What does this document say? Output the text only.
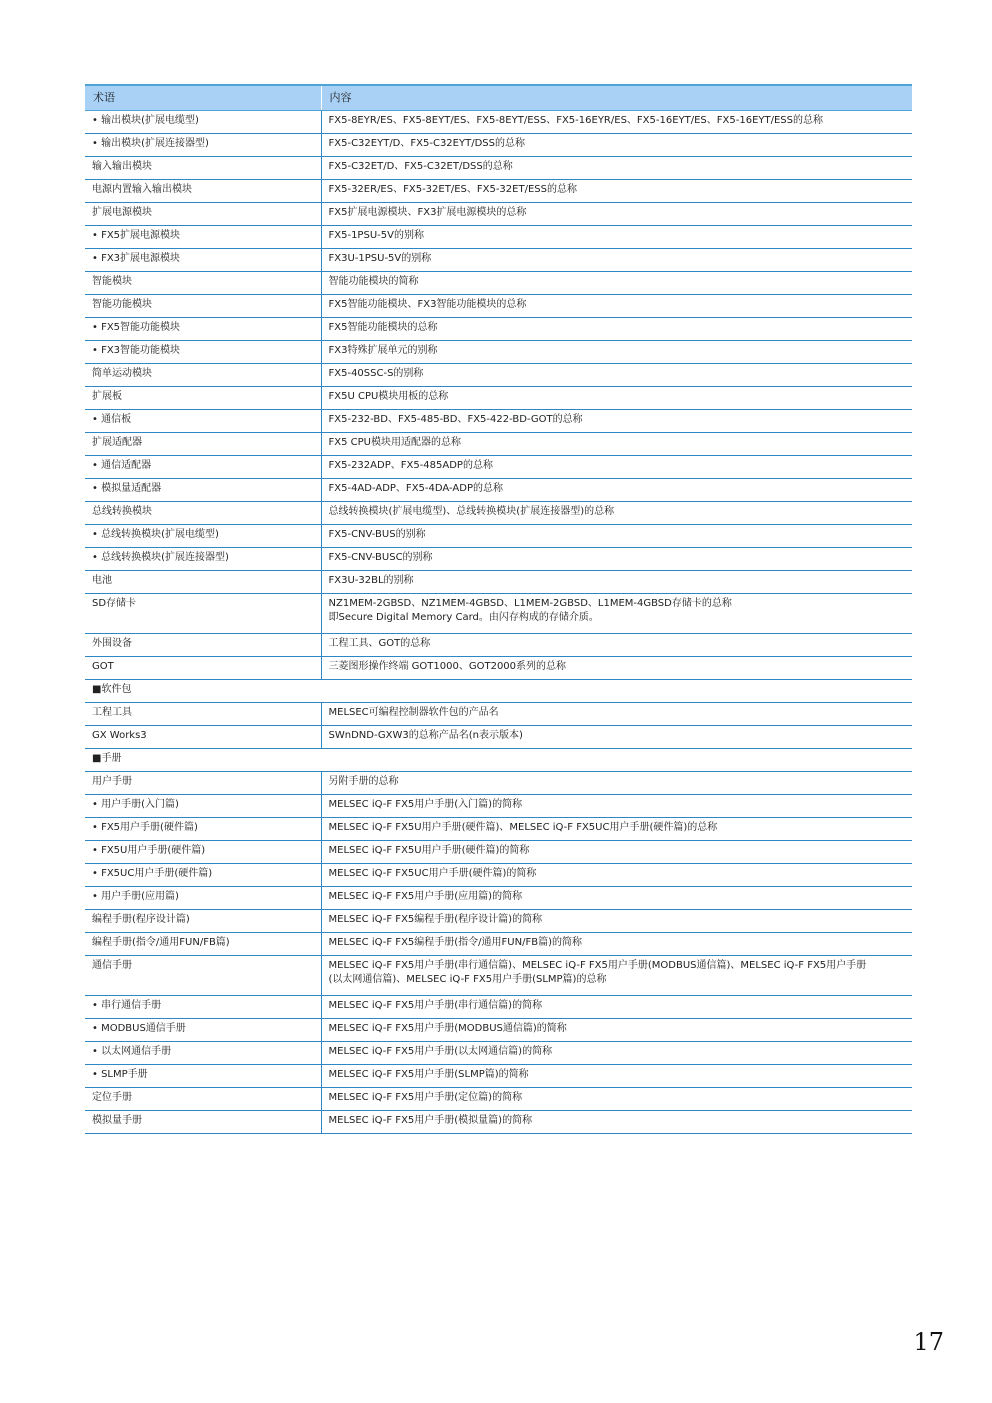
术语	内容
• 输出模块(扩展电缆型)	FX5-8EYR/ES、FX5-8EYT/ES、FX5-8EYT/ESS、FX5-16EYR/ES、FX5-16EYT/ES、FX5-16EYT/ESS的总称
• 输出模块(扩展连接器型)	FX5-C32EYT/D、FX5-C32EYT/DSS的总称
输入输出模块	FX5-C32ET/D、FX5-C32ET/DSS的总称
电源内置输入输出模块	FX5-32ER/ES、FX5-32ET/ES、FX5-32ET/ESS的总称
扩展电源模块	FX5扩展电源模块、FX3扩展电源模块的总称
• FX5扩展电源模块	FX5-1PSU-5V的别称
• FX3扩展电源模块	FX3U-1PSU-5V的别称
智能模块	智能功能模块的简称
智能功能模块	FX5智能功能模块、FX3智能功能模块的总称
• FX5智能功能模块	FX5智能功能模块的总称
• FX3智能功能模块	FX3特殊扩展单元的别称
简单运动模块	FX5-40SSC-S的别称
扩展板	FX5U CPU模块用板的总称
• 通信板	FX5-232-BD、FX5-485-BD、FX5-422-BD-GOT的总称
扩展适配器	FX5 CPU模块用适配器的总称
• 通信适配器	FX5-232ADP、FX5-485ADP的总称
• 模拟量适配器	FX5-4AD-ADP、FX5-4DA-ADP的总称
总线转换模块	总线转换模块(扩展电缆型)、总线转换模块(扩展连接器型)的总称
• 总线转换模块(扩展电缆型)	FX5-CNV-BUS的别称
• 总线转换模块(扩展连接器型)	FX5-CNV-BUSC的别称
电池	FX3U-32BL的别称
SD存储卡	NZ1MEM-2GBSD、NZ1MEM-4GBSD、L1MEM-2GBSD、L1MEM-4GBSD存储卡的总称
即Secure Digital Memory Card。由闪存构成的存储介质。
外围设备	工程工具、GOT的总称
GOT	三菱图形操作终端 GOT1000、GOT2000系列的总称
■软件包	
工程工具	MELSEC可编程控制器软件包的产品名
GX Works3	SWnDND-GXW3的总称产品名(n表示版本)
■手册	
用户手册	另附手册的总称
• 用户手册(入门篇)	MELSEC iQ-F FX5用户手册(入门篇)的简称
• FX5用户手册(硬件篇)	MELSEC iQ-F FX5U用户手册(硬件篇)、MELSEC iQ-F FX5UC用户手册(硬件篇)的总称
• FX5U用户手册(硬件篇)	MELSEC iQ-F FX5U用户手册(硬件篇)的简称
• FX5UC用户手册(硬件篇)	MELSEC iQ-F FX5UC用户手册(硬件篇)的简称
• 用户手册(应用篇)	MELSEC iQ-F FX5用户手册(应用篇)的简称
编程手册(程序设计篇)	MELSEC iQ-F FX5编程手册(程序设计篇)的简称
编程手册(指令/通用FUN/FB篇)	MELSEC iQ-F FX5编程手册(指令/通用FUN/FB篇)的简称
通信手册	MELSEC iQ-F FX5用户手册(串行通信篇)、MELSEC iQ-F FX5用户手册(MODBUS通信篇)、MELSEC iQ-F FX5用户手册
(以太网通信篇)、MELSEC iQ-F FX5用户手册(SLMP篇)的总称
• 串行通信手册	MELSEC iQ-F FX5用户手册(串行通信篇)的简称
• MODBUS通信手册	MELSEC iQ-F FX5用户手册(MODBUS通信篇)的简称
• 以太网通信手册	MELSEC iQ-F FX5用户手册(以太网通信篇)的简称
• SLMP手册	MELSEC iQ-F FX5用户手册(SLMP篇)的简称
定位手册	MELSEC iQ-F FX5用户手册(定位篇)的简称
模拟量手册	MELSEC iQ-F FX5用户手册(模拟量篇)的简称
17
